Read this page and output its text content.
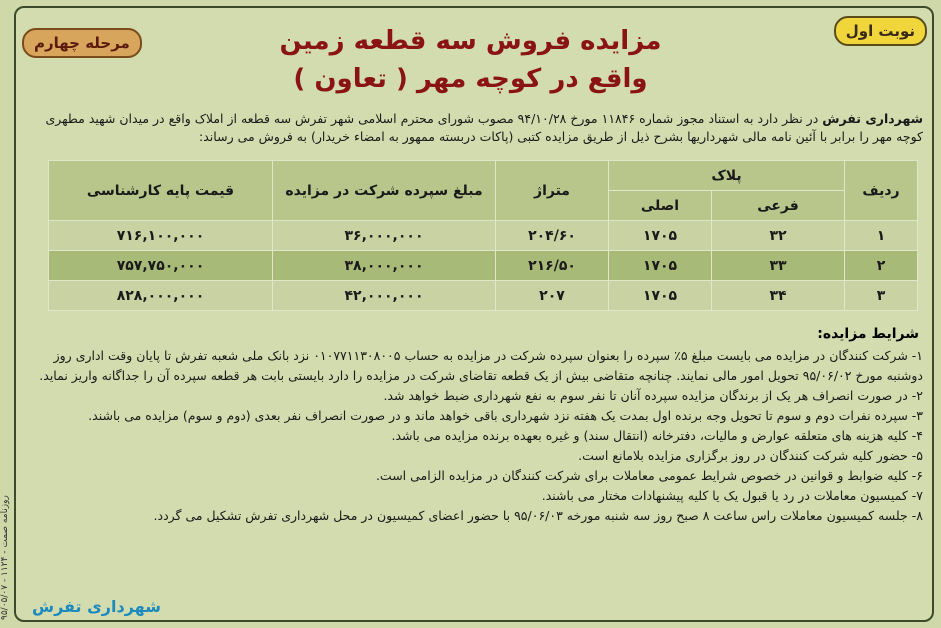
نوبت اول
مرحله چهارم	مزایده فروش سه قطعه زمین
واقع در کوچه مهر ( تعاون )
شهرداری تفرش در نظر دارد به استناد مجوز شماره ۱۱۸۴۶ مورخ ۹۴/۱۰/۲۸ مصوب شورای محترم اسلامی شهر تفرش سه قطعه از املاک واقع در میدان شهید مطهری کوچه مهر را برابر با آئین نامه مالی شهرداریها بشرح ذیل از طریق مزایده کتبی (پاکات دربسته ممهور به امضاء خریدار) به فروش می رساند:
ردیف	پلاک		متراژ	مبلغ سپرده شرکت در مزایده	قیمت پایه کارشناسی
	فرعی	اصلی			
۱	۳۲	۱۷۰۵	۲۰۴/۶۰	۳۶,۰۰۰,۰۰۰	۷۱۶,۱۰۰,۰۰۰
۲	۳۳	۱۷۰۵	۲۱۶/۵۰	۳۸,۰۰۰,۰۰۰	۷۵۷,۷۵۰,۰۰۰
۳	۳۴	۱۷۰۵	۲۰۷	۴۲,۰۰۰,۰۰۰	۸۲۸,۰۰۰,۰۰۰
شرایط مزایده:

۱- شرکت کنندگان در مزایده می بایست مبلغ ۵٪ سپرده را بعنوان سپرده شرکت در مزایده به حساب ۰۱۰۷۷۱۱۳۰۸۰۰۵ نزد بانک ملی شعبه تفرش تا پایان وقت اداری روز دوشنبه مورخ ۹۵/۰۶/۰۲ تحویل امور مالی نمایند. چنانچه متقاضی بیش از یک قطعه تقاضای شرکت در مزایده را دارد بایستی بابت هر قطعه سپرده آن را جداگانه واریز نماید.

۲- در صورت انصراف هر یک از برندگان مزایده سپرده آنان تا نفر سوم به نفع شهرداری ضبط خواهد شد.

۳- سپرده نفرات دوم و سوم تا تحویل وجه برنده اول بمدت یک هفته نزد شهرداری باقی خواهد ماند و در صورت انصراف نفر بعدی (دوم و سوم) مزایده می باشند.

۴- کلیه هزینه های متعلقه عوارض و مالیات، دفترخانه (انتقال سند) و غیره بعهده برنده مزایده می باشد.

۵- حضور کلیه شرکت کنندگان در روز برگزاری مزایده بلامانع است.

۶- کلیه ضوابط و قوانین در خصوص شرایط عمومی معاملات برای شرکت کنندگان در مزایده الزامی است.

۷- کمیسیون معاملات در رد یا قبول یک یا کلیه پیشنهادات مختار می باشند.

۸- جلسه کمیسیون معاملات راس ساعت ۸ صبح روز سه شنبه مورخه ۹۵/۰۶/۰۳ با حضور اعضای کمیسیون در محل شهرداری تفرش تشکیل می گردد.

شهرداری تفرش
روزنامه صمت - ۱۱۲۴ - ۹۵/۰۵/۰۷
